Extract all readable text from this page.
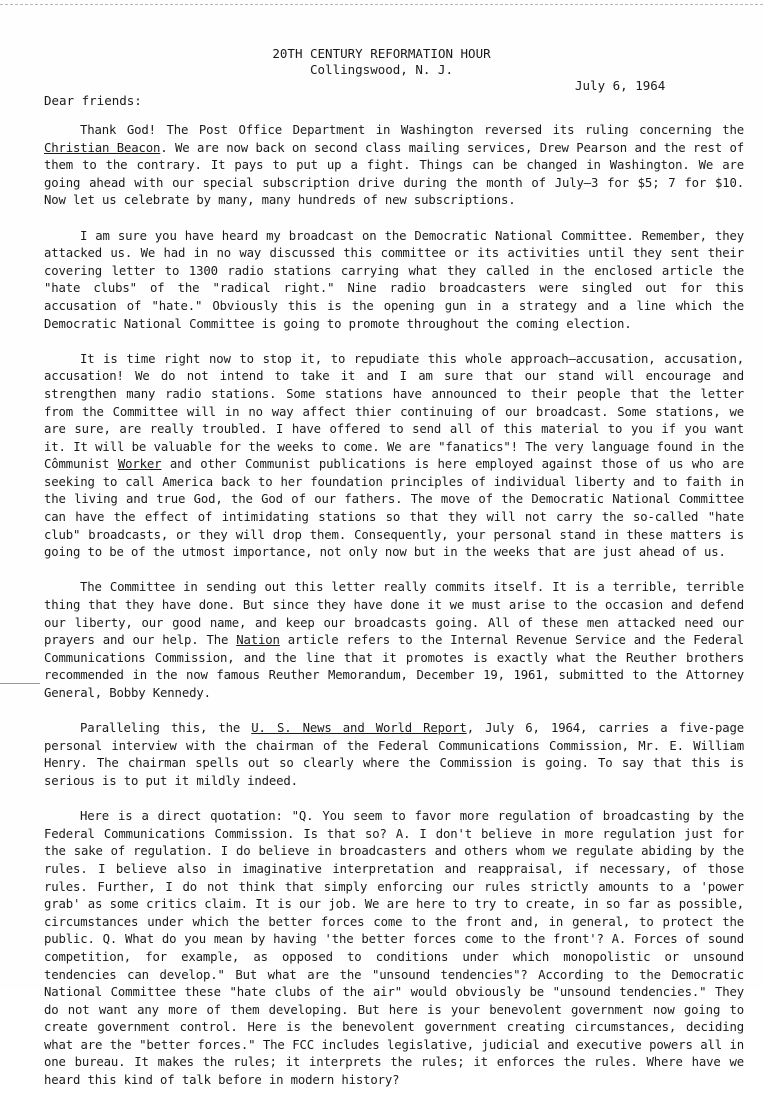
20TH CENTURY REFORMATION HOUR
Collingswood, N. J.
July 6, 1964
Dear friends:

Thank God! The Post Office Department in Washington reversed its ruling concerning the Christian Beacon. We are now back on second class mailing services, Drew Pearson and the rest of them to the contrary. It pays to put up a fight. Things can be changed in Washington. We are going ahead with our special subscription drive during the month of July—3 for $5; 7 for $10. Now let us celebrate by many, many hundreds of new subscriptions.

I am sure you have heard my broadcast on the Democratic National Committee. Remember, they attacked us. We had in no way discussed this committee or its activities until they sent their covering letter to 1300 radio stations carrying what they called in the enclosed article the "hate clubs" of the "radical right." Nine radio broadcasters were singled out for this accusation of "hate." Obviously this is the opening gun in a strategy and a line which the Democratic National Committee is going to promote throughout the coming election.

It is time right now to stop it, to repudiate this whole approach—accusation, accusation, accusation! We do not intend to take it and I am sure that our stand will encourage and strengthen many radio stations. Some stations have announced to their people that the letter from the Committee will in no way affect thier continuing of our broadcast. Some stations, we are sure, are really troubled. I have offered to send all of this material to you if you want it. It will be valuable for the weeks to come. We are "fanatics"! The very language found in the Cômmunist Worker and other Communist publications is here employed against those of us who are seeking to call America back to her foundation principles of individual liberty and to faith in the living and true God, the God of our fathers. The move of the Democratic National Committee can have the effect of intimidating stations so that they will not carry the so-called "hate club" broadcasts, or they will drop them. Consequently, your personal stand in these matters is going to be of the utmost importance, not only now but in the weeks that are just ahead of us.

The Committee in sending out this letter really commits itself. It is a terrible, terrible thing that they have done. But since they have done it we must arise to the occasion and defend our liberty, our good name, and keep our broadcasts going. All of these men attacked need our prayers and our help. The Nation article refers to the Internal Revenue Service and the Federal Communications Commission, and the line that it promotes is exactly what the Reuther brothers recommended in the now famous Reuther Memorandum, December 19, 1961, submitted to the Attorney General, Bobby Kennedy.

Paralleling this, the U. S. News and World Report, July 6, 1964, carries a five-page personal interview with the chairman of the Federal Communications Commission, Mr. E. William Henry. The chairman spells out so clearly where the Commission is going. To say that this is serious is to put it mildly indeed.

Here is a direct quotation: "Q. You seem to favor more regulation of broadcasting by the Federal Communications Commission. Is that so? A. I don't believe in more regulation just for the sake of regulation. I do believe in broadcasters and others whom we regulate abiding by the rules. I believe also in imaginative interpretation and reappraisal, if necessary, of those rules. Further, I do not think that simply enforcing our rules strictly amounts to a 'power grab' as some critics claim. It is our job. We are here to try to create, in so far as possible, circumstances under which the better forces come to the front and, in general, to protect the public. Q. What do you mean by having 'the better forces come to the front'? A. Forces of sound competition, for example, as opposed to conditions under which monopolistic or unsound tendencies can develop." But what are the "unsound tendencies"? According to the Democratic National Committee these "hate clubs of the air" would obviously be "unsound tendencies." They do not want any more of them developing. But here is your benevolent government now going to create government control. Here is the benevolent government creating circumstances, deciding what are the "better forces." The FCC includes legislative, judicial and executive powers all in one bureau. It makes the rules; it interprets the rules; it enforces the rules. Where have we heard this kind of talk before in modern history?
